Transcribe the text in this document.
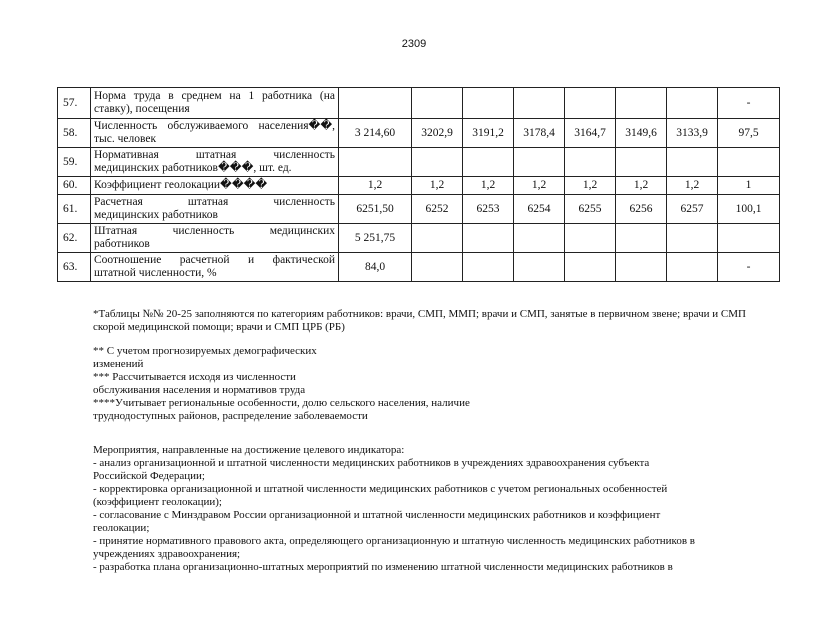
2309
57.	Норма труда в среднем на 1 работника (на
ставку), посещения								-
58.	Численность обслуживаемого населения��,
тыс. человек	3 214,60	3202,9	3191,2	3178,4	3164,7	3149,6	3133,9	97,5
59.	Нормативная штатная численность
медицинских работников���, шт. ед.								

60.	Коэффициент геолокации����	1,2	1,2	1,2	1,2	1,2	1,2	1,2	1
61.	Расчетная штатная численность
медицинских работников	6251,50	6252	6253	6254	6255	6256	6257	100,1
62.	Штатная численность медицинских
работников	5 251,75							
63.	Соотношение расчетной и фактической
штатной численности, %	84,0							-

*Таблицы №№ 20-25 заполняются по категориям работников: врачи, СМП, ММП; врачи и СМП, занятые в первичном звене; врачи и СМП

скорой медицинской помощи; врачи и СМП ЦРБ (РБ)

** С учетом прогнозируемых демографических

изменений

*** Рассчитывается исходя из численности

обслуживания населения и нормативов труда

****Учитывает региональные особенности, долю сельского населения, наличие

труднодоступных районов, распределение заболеваемости

Мероприятия, направленные на достижение целевого индикатора:

- анализ организационной и штатной численности медицинских работников в учреждениях здравоохранения субъекта

Российской Федерации;

- корректировка организационной и штатной численности медицинских работников с учетом региональных особенностей

(коэффициент геолокации);

- согласование с Минздравом России организационной и штатной численности медицинских работников и коэффициент

геолокации;

- принятие нормативного правового акта, определяющего организационную и штатную численность медицинских работников в

учреждениях здравоохранения;

- разработка плана организационно-штатных мероприятий по изменению штатной численности медицинских работников в
